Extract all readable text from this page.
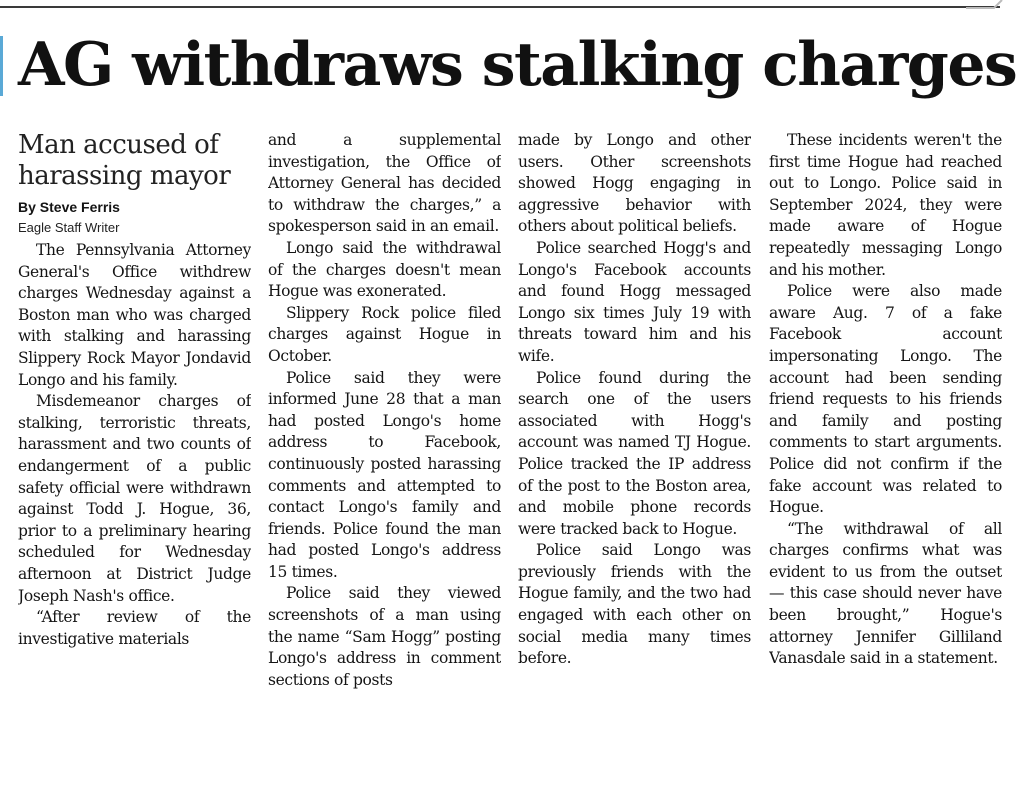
AG withdraws stalking charges
Man accused of harassing mayor
By Steve Ferris
Eagle Staff Writer

The Pennsylvania Attorney General's Office withdrew charges Wednesday against a Boston man who was charged with stalking and harassing Slippery Rock Mayor Jondavid Longo and his family.

Misdemeanor charges of stalking, terroristic threats, harassment and two counts of endangerment of a public safety official were withdrawn against Todd J. Hogue, 36, prior to a preliminary hearing scheduled for Wednesday afternoon at District Judge Joseph Nash's office.

“After review of the investigative materials

and a supplemental investigation, the Office of Attorney General has decided to withdraw the charges,” a spokesperson said in an email.

Longo said the withdrawal of the charges doesn't mean Hogue was exonerated.

Slippery Rock police filed charges against Hogue in October.

Police said they were informed June 28 that a man had posted Longo's home address to Facebook, continuously posted harassing comments and attempted to contact Longo's family and friends. Police found the man had posted Longo's address 15 times.

Police said they viewed screenshots of a man using the name “Sam Hogg” posting Longo's address in comment sections of posts

made by Longo and other users. Other screenshots showed Hogg engaging in aggressive behavior with others about political beliefs.

Police searched Hogg's and Longo's Facebook accounts and found Hogg messaged Longo six times July 19 with threats toward him and his wife.

Police found during the search one of the users associated with Hogg's account was named TJ Hogue. Police tracked the IP address of the post to the Boston area, and mobile phone records were tracked back to Hogue.

Police said Longo was previously friends with the Hogue family, and the two had engaged with each other on social media many times before.

These incidents weren't the first time Hogue had reached out to Longo. Police said in September 2024, they were made aware of Hogue repeatedly messaging Longo and his mother.

Police were also made aware Aug. 7 of a fake Facebook account impersonating Longo. The account had been sending friend requests to his friends and family and posting comments to start arguments. Police did not confirm if the fake account was related to Hogue.

“The withdrawal of all charges confirms what was evident to us from the outset — this case should never have been brought,” Hogue's attorney Jennifer Gilliland Vanasdale said in a statement.
